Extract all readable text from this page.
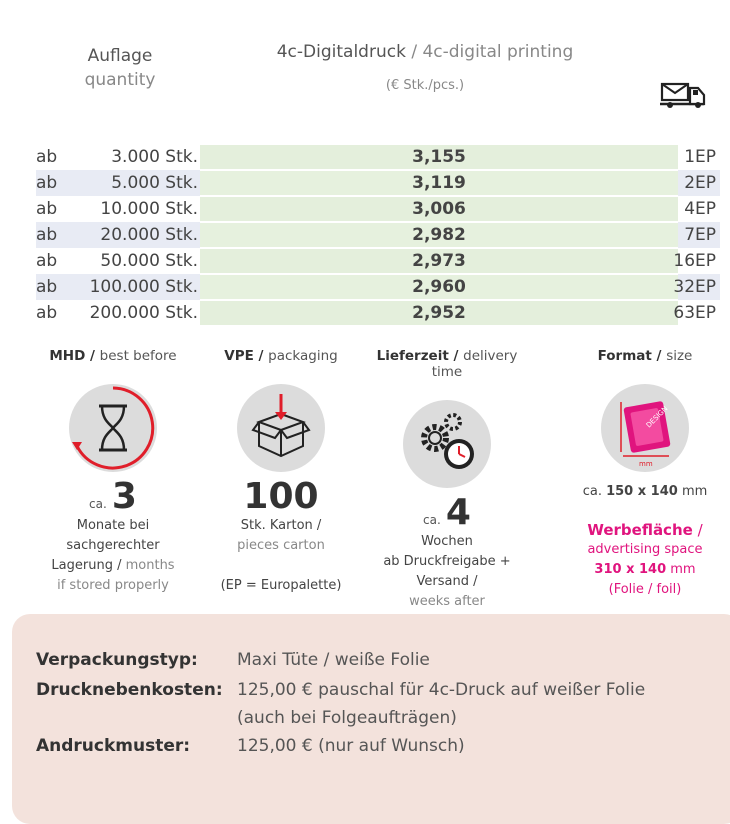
Auflage
quantity
4c-Digitaldruck / 4c-digital printing
(€ Stk./pcs.)
ab	3.000 Stk.	3,155	1EP
ab	5.000 Stk.	3,119	2EP
ab	10.000 Stk.	3,006	4EP
ab	20.000 Stk.	2,982	7EP
ab	50.000 Stk.	2,973	16EP
ab	100.000 Stk.	2,960	32EP
ab	200.000 Stk.	2,952	63EP
MHD / best before
ca. 3
Monate bei
sachgerechter
Lagerung / months
if stored properly
VPE / packaging
100
Stk. Karton /
pieces carton
(EP = Europalette)
Lieferzeit / delivery time
ca. 4
Wochen
ab Druckfreigabe + Versand /
weeks after
Format / size
DESIGN
mm
ca. 150 x 140 mm
Werbefläche /
advertising space
310 x 140 mm
(Folie / foil)
Verpackungstyp:	Maxi Tüte / weiße Folie
Drucknebenkosten: 125,00 € pauschal für 4c-Druck auf weißer Folie
(auch bei Folgeaufträgen)
Andruckmuster:	125,00 € (nur auf Wunsch)
